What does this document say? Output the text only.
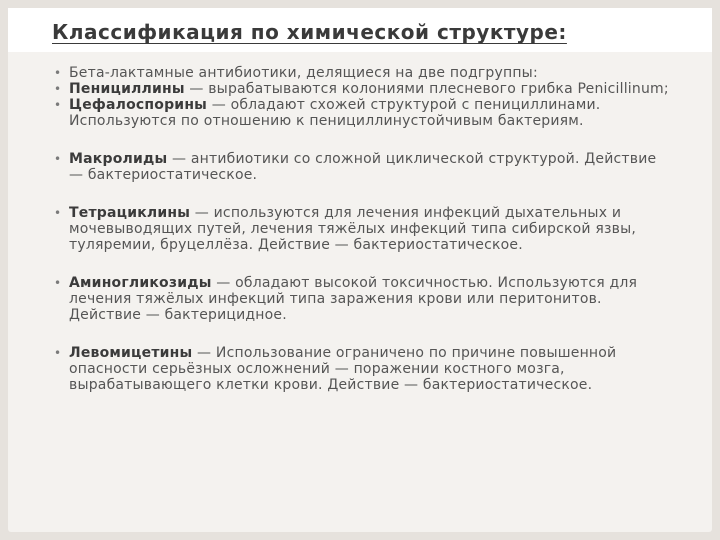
Классификация по химической структуре:

• Бета-лактамные антибиотики, делящиеся на две подгруппы:

• Пенициллины — вырабатываются колониями плесневого грибка Penicillinum;

• Цефалоспорины — обладают схожей структурой с пенициллинами. Используются по отношению к пенициллинустойчивым бактериям.

• Макролиды — антибиотики со сложной циклической структурой. Действие — бактериостатическое.

• Тетрациклины — используются для лечения инфекций дыхательных и мочевыводящих путей, лечения тяжёлых инфекций типа сибирской язвы, туляремии, бруцеллёза. Действие — бактериостатическое.

• Аминогликозиды — обладают высокой токсичностью. Используются для лечения тяжёлых инфекций типа заражения крови или перитонитов. Действие — бактерицидное.

• Левомицетины — Использование ограничено по причине повышенной опасности серьёзных осложнений — поражении костного мозга, вырабатывающего клетки крови. Действие — бактериостатическое.
